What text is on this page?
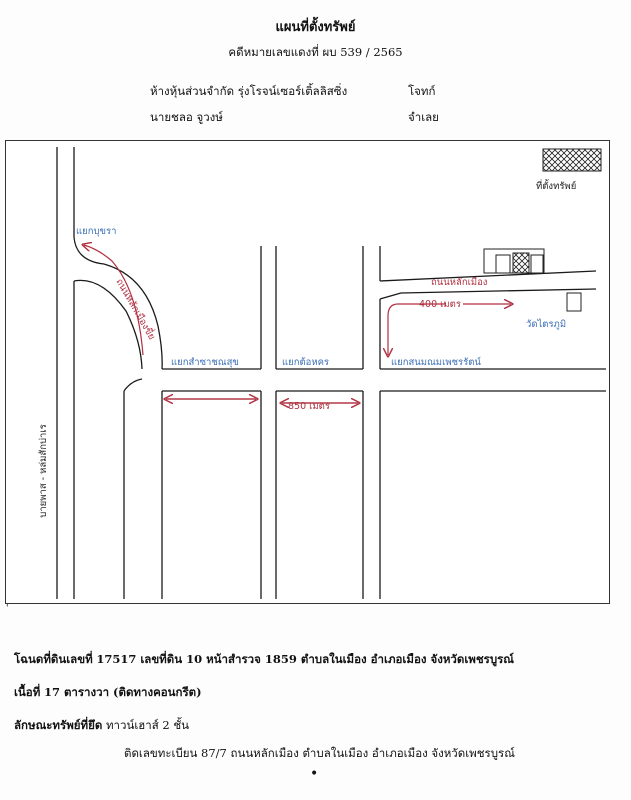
แผนที่ตั้งทรัพย์
คดีหมายเลขแดงที่ ผบ 539 / 2565
ห้างหุ้นส่วนจำกัด รุ่งโรจน์เซอร์เติ้ลลิสซิ่ง	โจทก์
นายชลอ จูวงษ์	จำเลย
ที่ตั้งทรัพย์
แยกบุขรา
บายพาส - หล่มสักบ่าเร
ถนนหลักเมืองขี่ย
แยกสำซาชณสุข	แยกต้อหคร	แยกสนมณมเพชรรัตน์
ถนนหลักเมือง
วัดไตรภูมิ
400 เมตร
850 เมตร
'
โฉนดที่ดินเลขที่ 17517 เลขที่ดิน 10 หน้าสำรวจ 1859 ตำบลในเมือง อำเภอเมือง จังหวัดเพชรบูรณ์
เนื้อที่ 17 ตารางวา (ติดทางคอนกรีต)
ลักษณะทรัพย์ที่ยึด ทาวน์เฮาส์ 2 ชั้น
ติดเลขทะเบียน 87/7 ถนนหลักเมือง ตำบลในเมือง อำเภอเมือง จังหวัดเพชรบูรณ์
•
